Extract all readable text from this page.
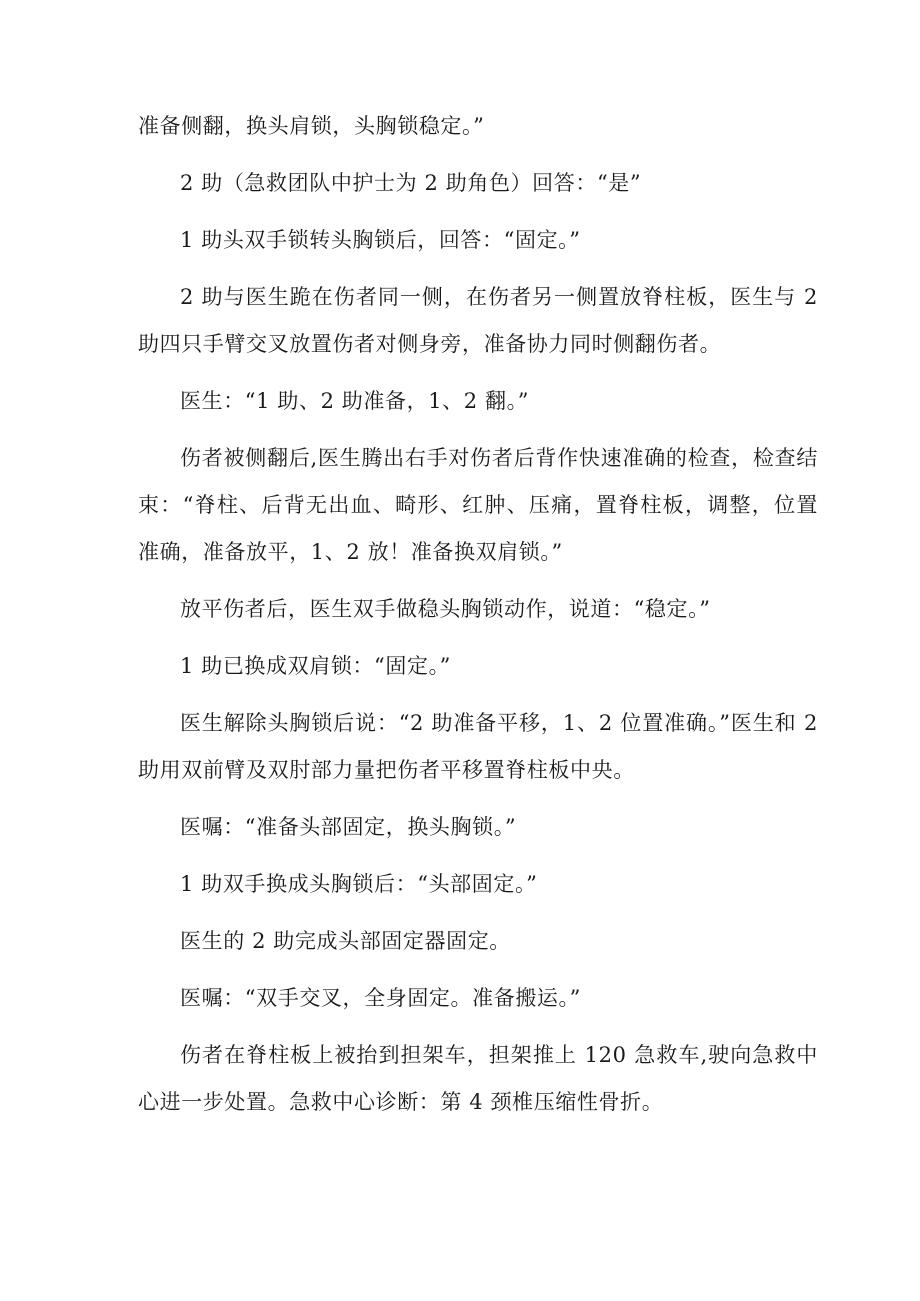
准备侧翻，换头肩锁，头胸锁稳定。”

2 助（急救团队中护士为 2 助角色）回答：“是”

1 助头双手锁转头胸锁后，回答：“固定。”

2 助与医生跪在伤者同一侧，在伤者另一侧置放脊柱板，医生与 2 助四只手臂交叉放置伤者对侧身旁，准备协力同时侧翻伤者。

医生：“1 助、2 助准备，1、2 翻。”

伤者被侧翻后,医生腾出右手对伤者后背作快速准确的检查，检查结束：“脊柱、后背无出血、畸形、红肿、压痛，置脊柱板，调整，位置准确，准备放平，1、2 放！准备换双肩锁。”

放平伤者后，医生双手做稳头胸锁动作，说道：“稳定。”

1 助已换成双肩锁：“固定。”

医生解除头胸锁后说：“2 助准备平移，1、2 位置准确。”医生和 2 助用双前臂及双肘部力量把伤者平移置脊柱板中央。

医嘱：“准备头部固定，换头胸锁。”

1 助双手换成头胸锁后：“头部固定。”

医生的 2 助完成头部固定器固定。

医嘱：“双手交叉，全身固定。准备搬运。”

伤者在脊柱板上被抬到担架车，担架推上 120 急救车,驶向急救中心进一步处置。急救中心诊断：第 4 颈椎压缩性骨折。
